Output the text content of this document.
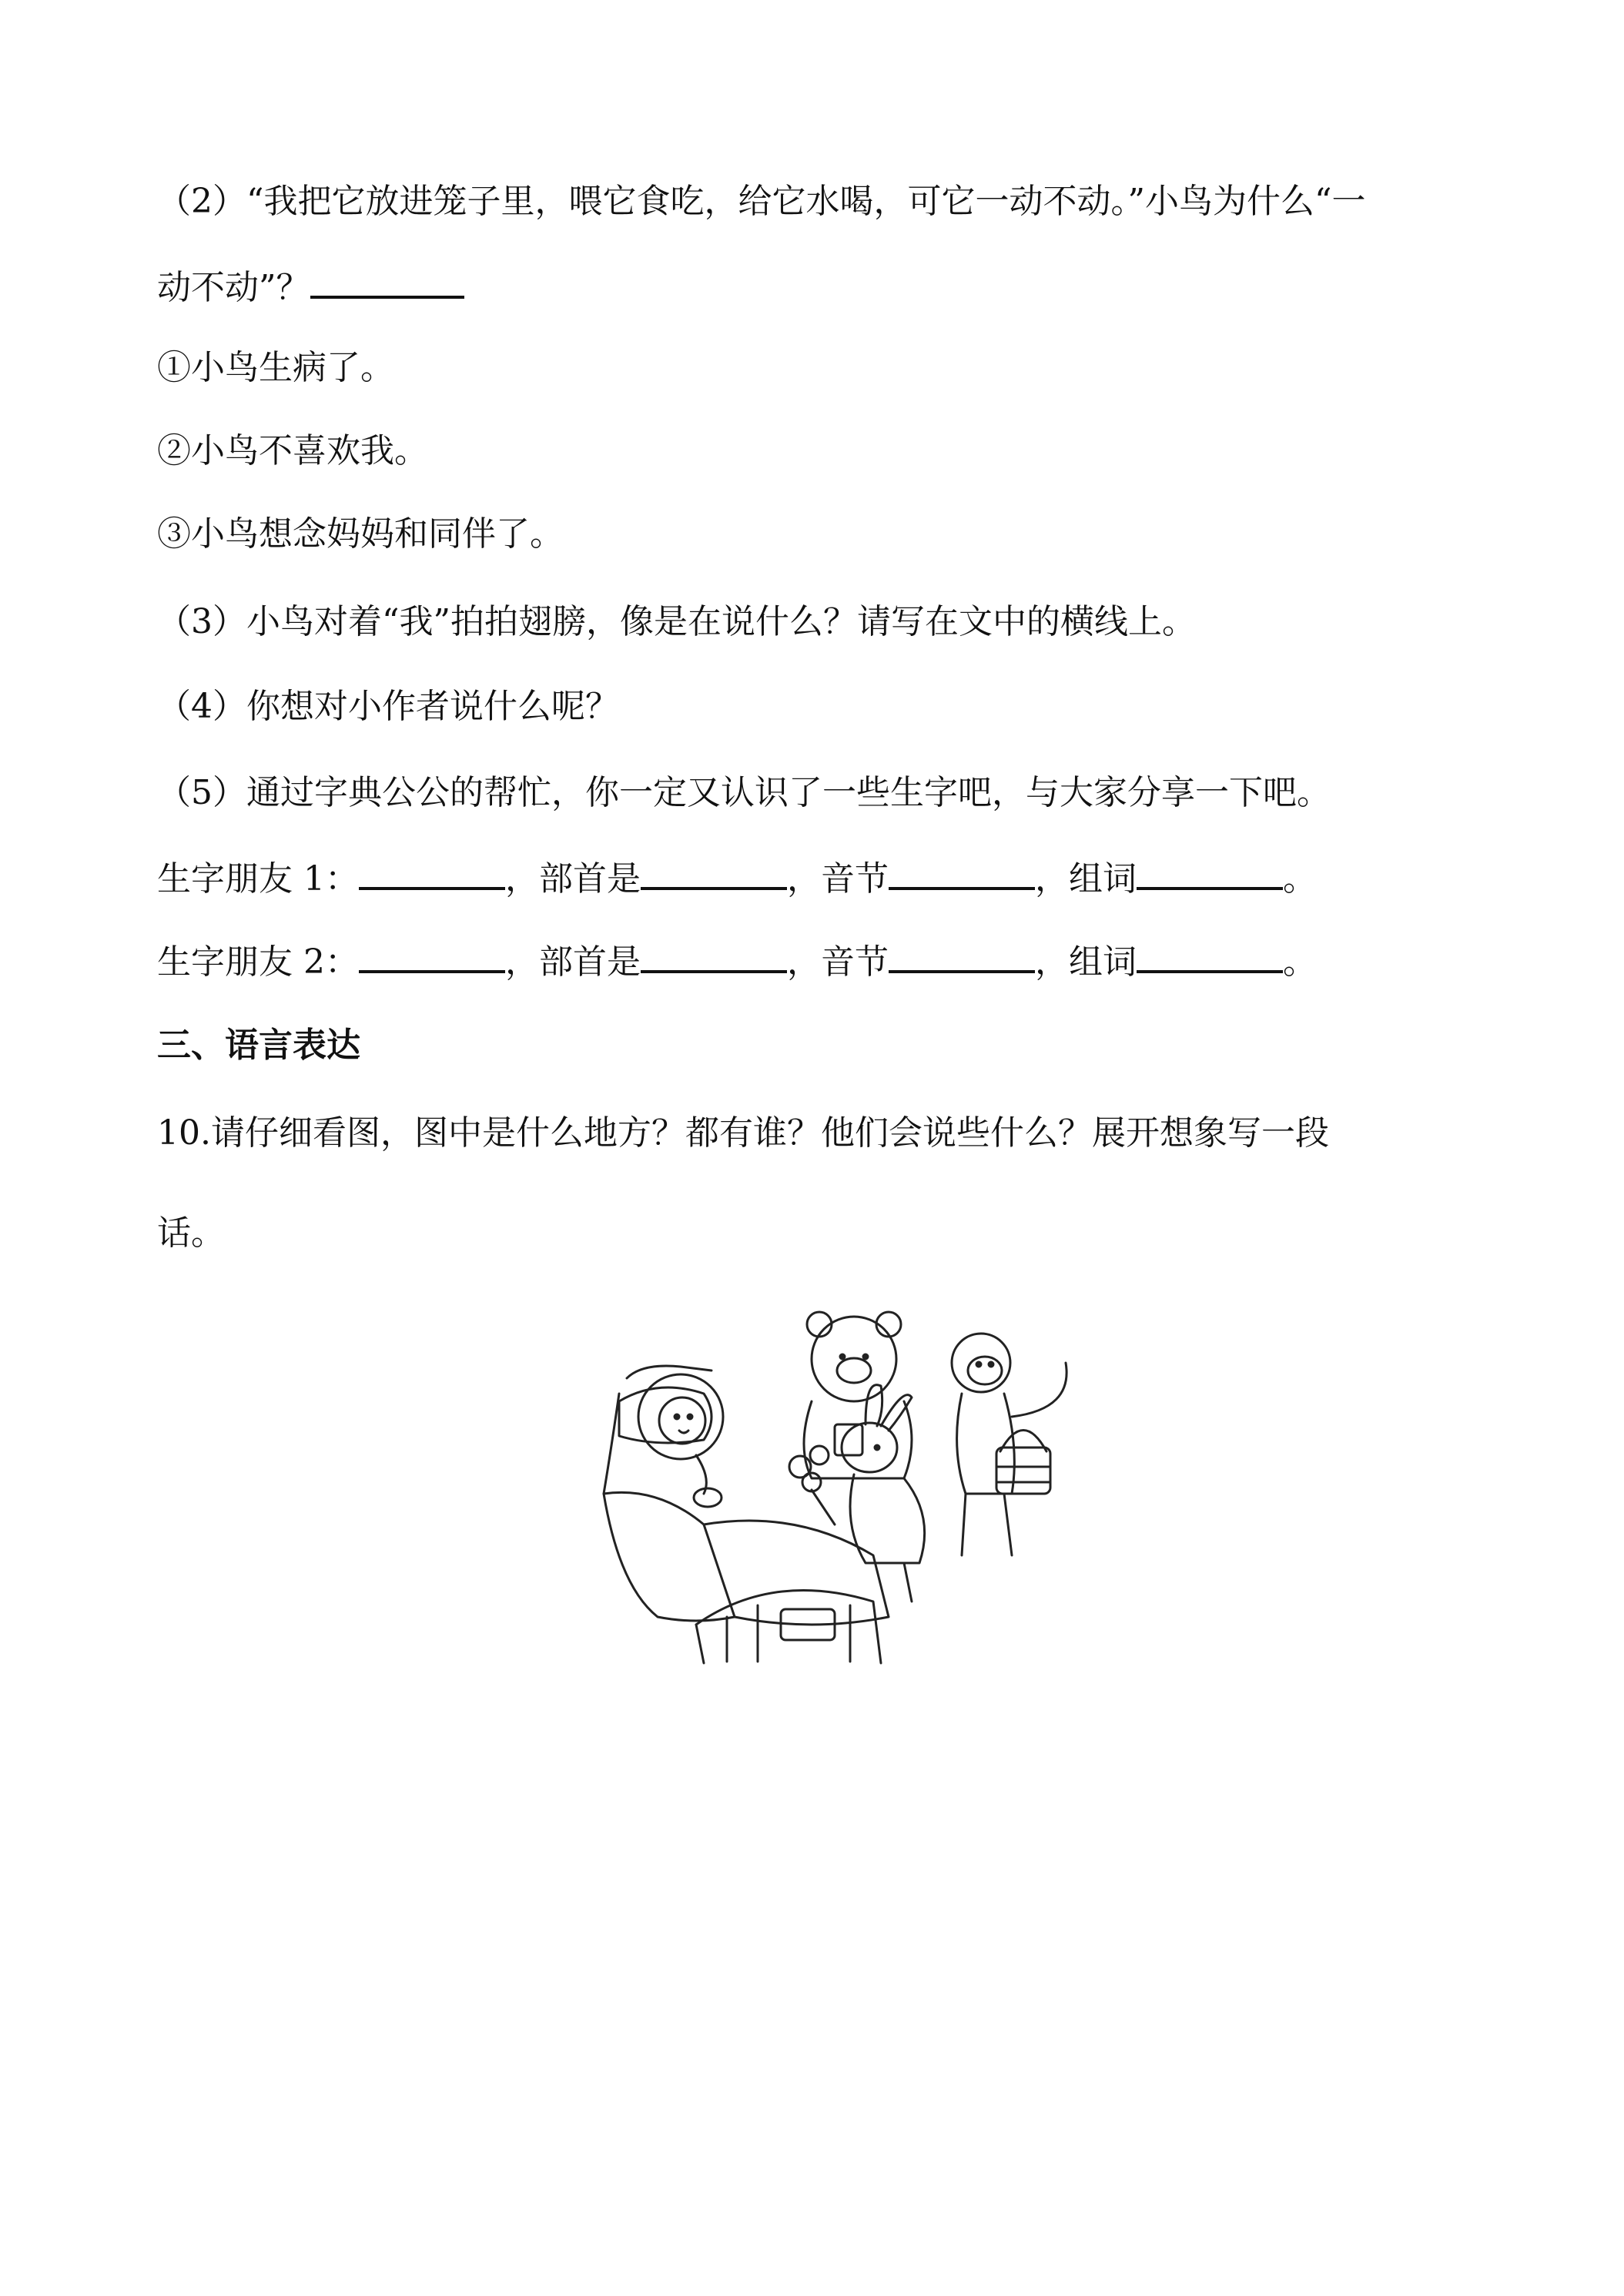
（2）“我把它放进笼子里，喂它食吃，给它水喝，可它一动不动。”小鸟为什么“一
动不动”？
①小鸟生病了。
②小鸟不喜欢我。
③小鸟想念妈妈和同伴了。
（3）小鸟对着“我”拍拍翅膀，像是在说什么？请写在文中的横线上。
（4）你想对小作者说什么呢？
（5）通过字典公公的帮忙，你一定又认识了一些生字吧，与大家分享一下吧。
生字朋友 1：	，部首是	，音节	，组词	。
生字朋友 2：	，部首是	，音节	，组词	。
三、语言表达
10.请仔细看图，图中是什么地方？都有谁？他们会说些什么？展开想象写一段
话。
